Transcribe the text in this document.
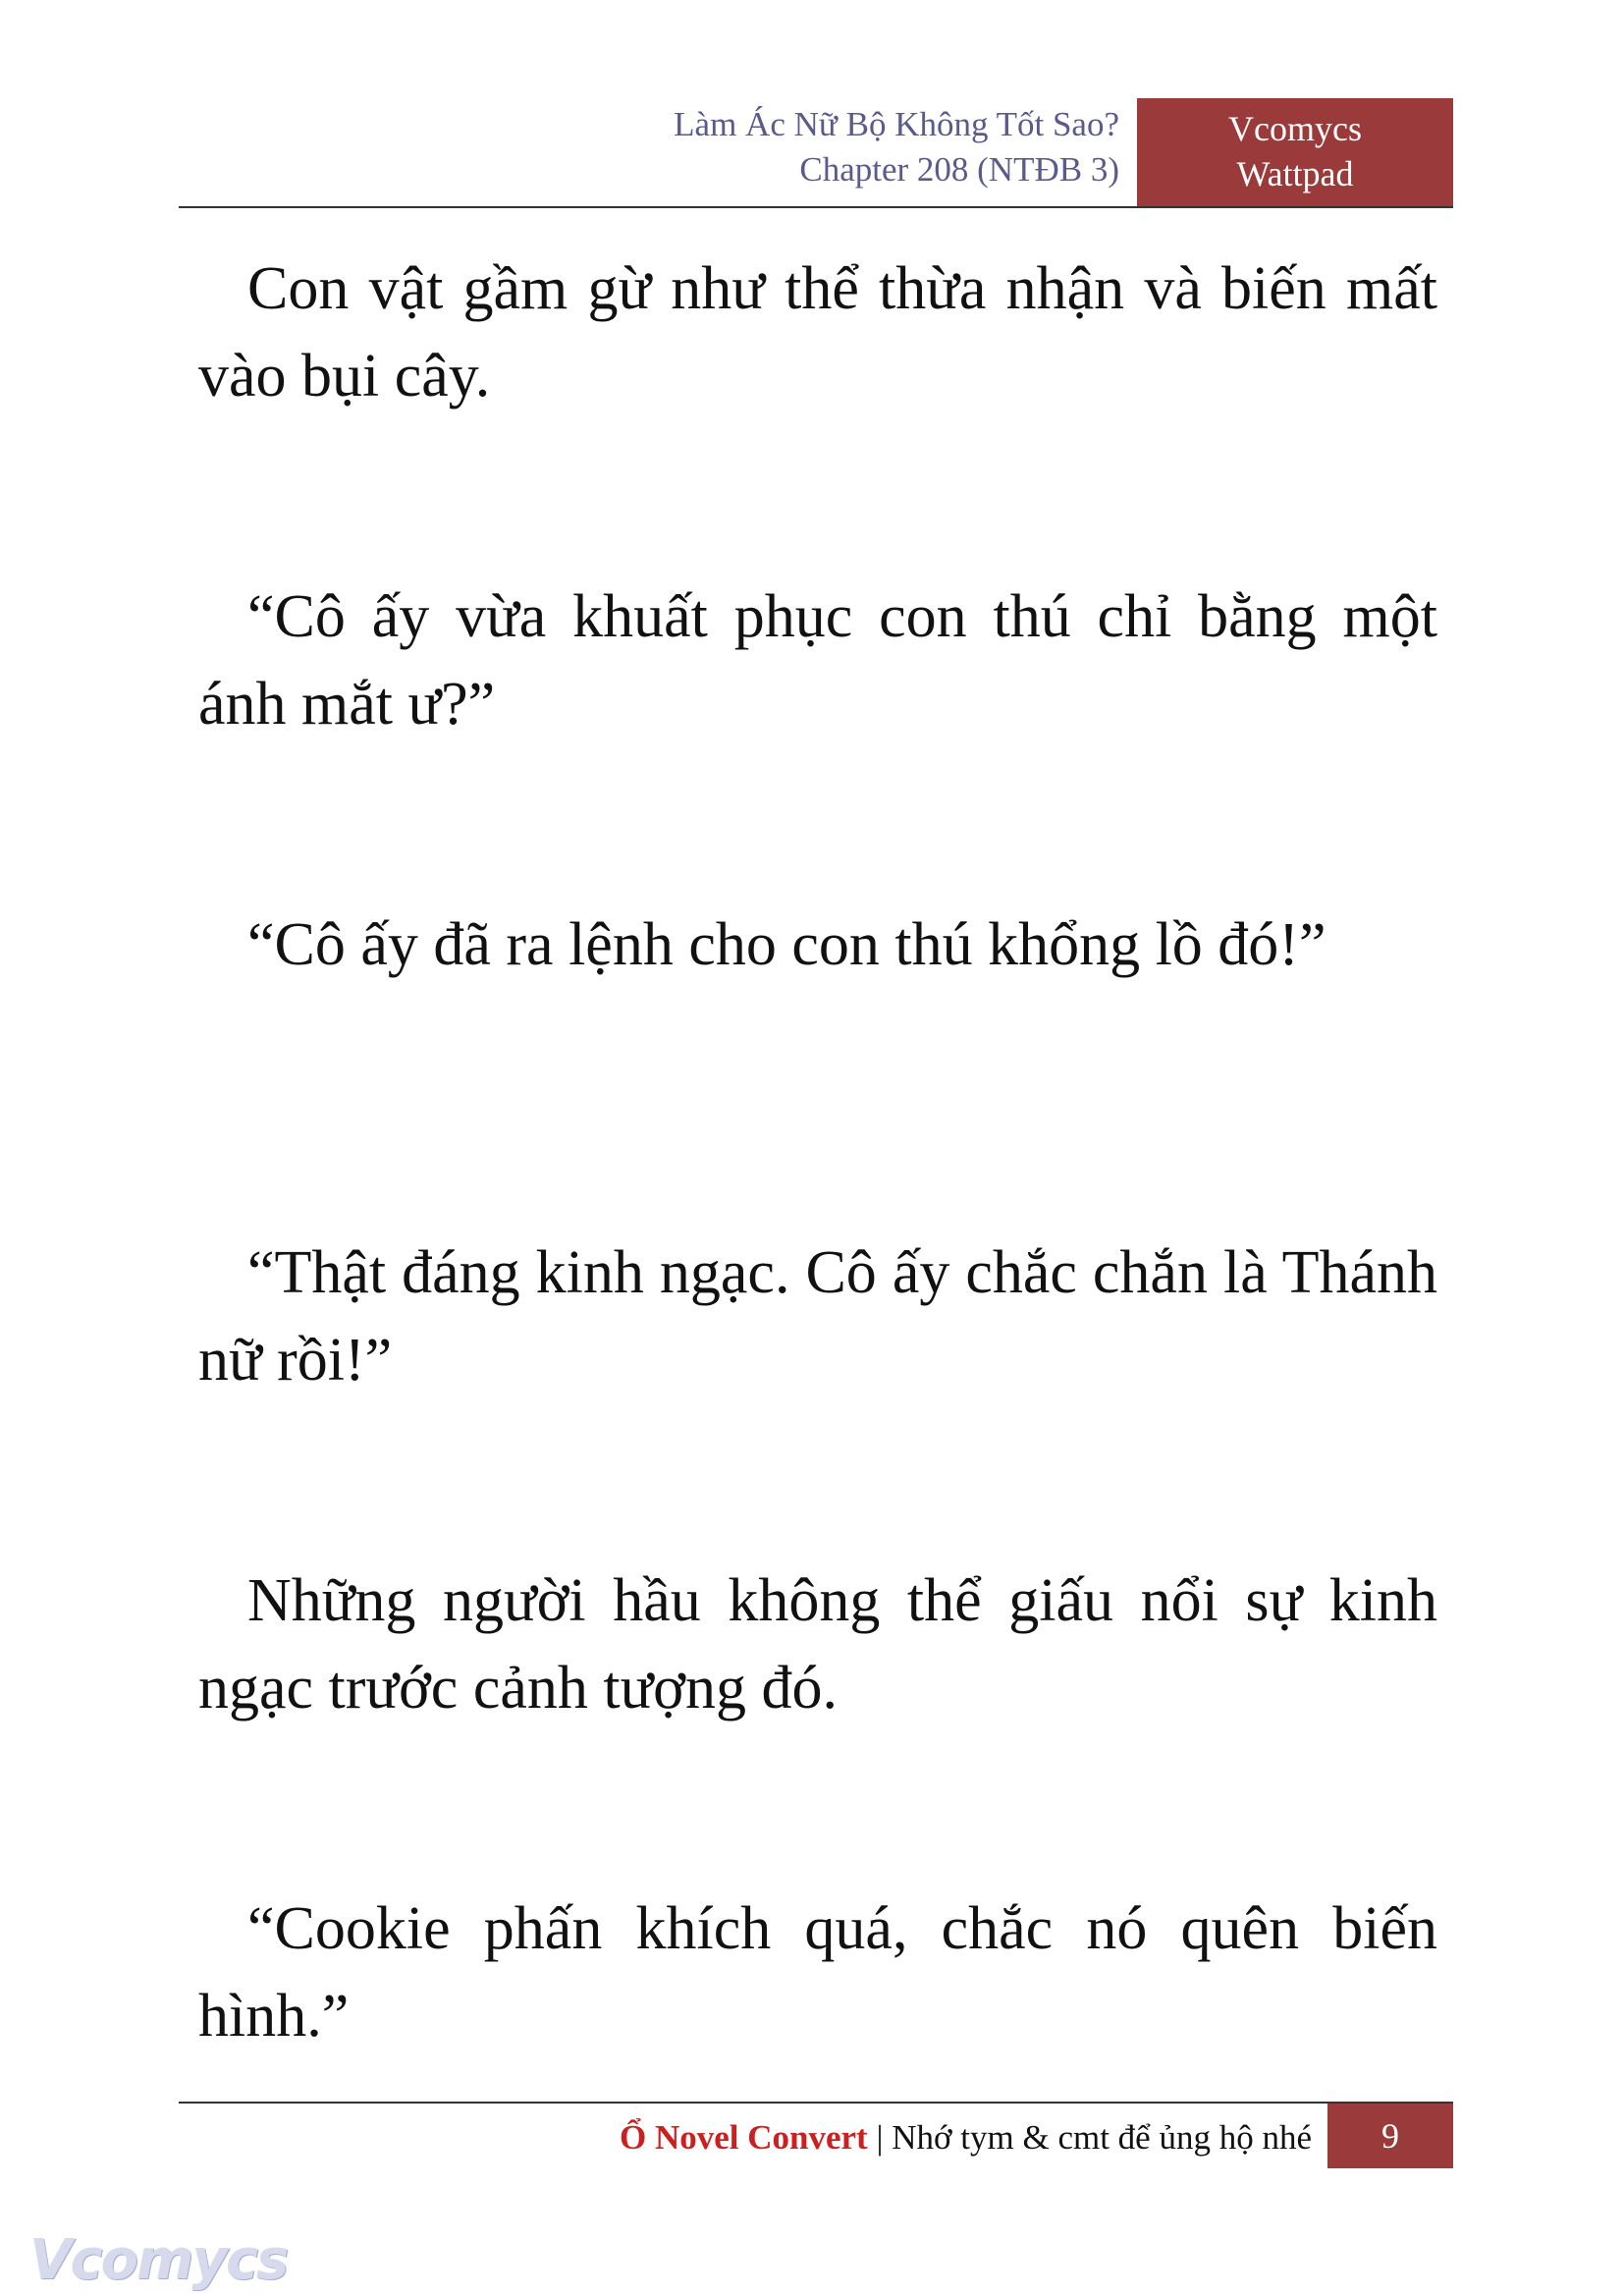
Làm Ác Nữ Bộ Không Tốt Sao?
Chapter 208 (NTĐB 3)
Vcomycs
Wattpad

Con vật gầm gừ như thể thừa nhận và biến mất vào bụi cây.

“Cô ấy vừa khuất phục con thú chỉ bằng một ánh mắt ư?”

“Cô ấy đã ra lệnh cho con thú khổng lồ đó!”

“Thật đáng kinh ngạc. Cô ấy chắc chắn là Thánh nữ rồi!”

Những người hầu không thể giấu nổi sự kinh ngạc trước cảnh tượng đó.

“Cookie phấn khích quá, chắc nó quên biến hình.”

Ổ Novel Convert | Nhớ tym & cmt để ủng hộ nhé	9
Vcomycs
